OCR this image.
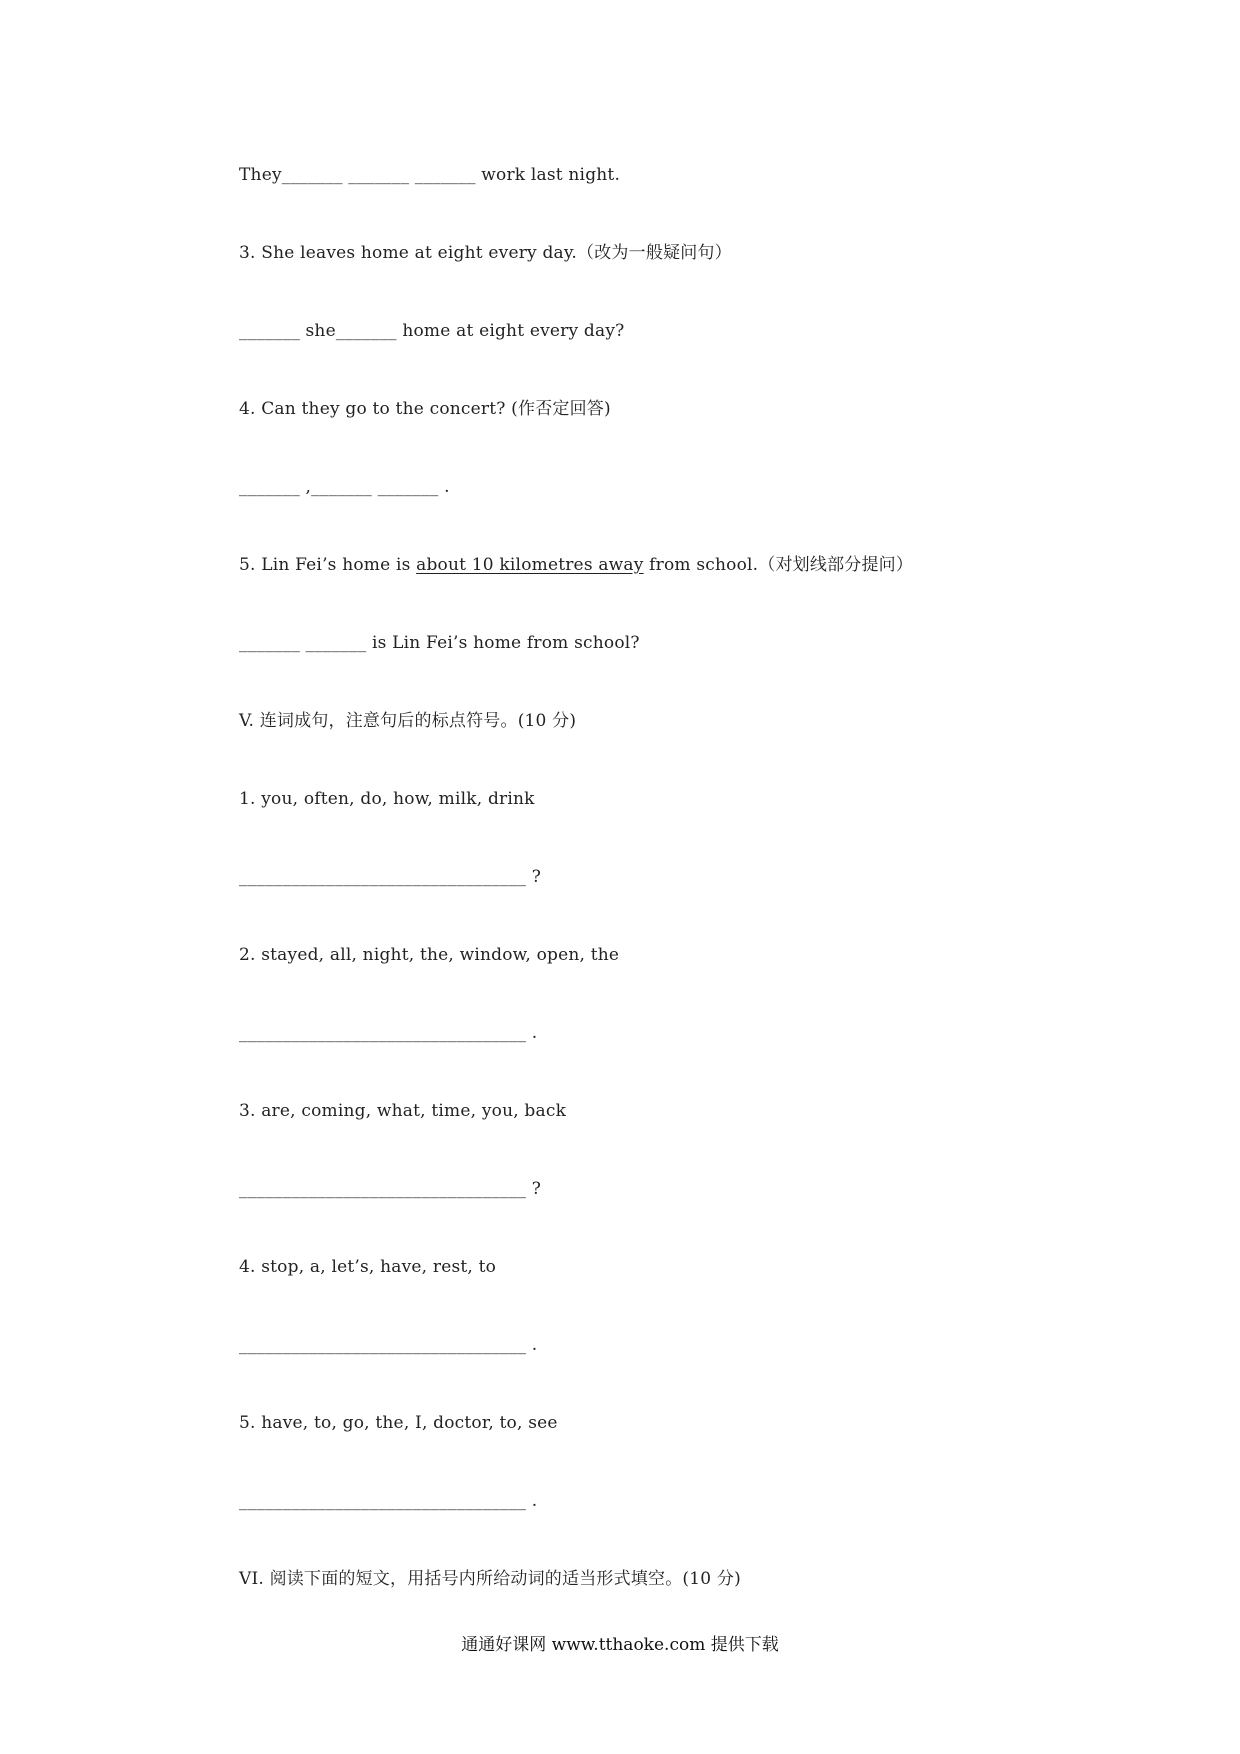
They_______ _______ _______ work last night.
3. She leaves home at eight every day.（改为一般疑问句）
_______ she_______ home at eight every day?
4. Can they go to the concert? (作否定回答)
_______ ,_______ _______ .
5. Lin Fei’s home is about 10 kilometres away from school.（对划线部分提问）
_______ _______ is Lin Fei’s home from school?
V. 连词成句，注意句后的标点符号。(10 分)
1. you, often, do, how, milk, drink
_________________________________ ?
2. stayed, all, night, the, window, open, the
_________________________________ .
3. are, coming, what, time, you, back
_________________________________ ?
4. stop, a, let’s, have, rest, to
_________________________________ .
5. have, to, go, the, I, doctor, to, see
_________________________________ .
VI. 阅读下面的短文，用括号内所给动词的适当形式填空。(10 分)
通通好课网 www.tthaoke.com 提供下载
